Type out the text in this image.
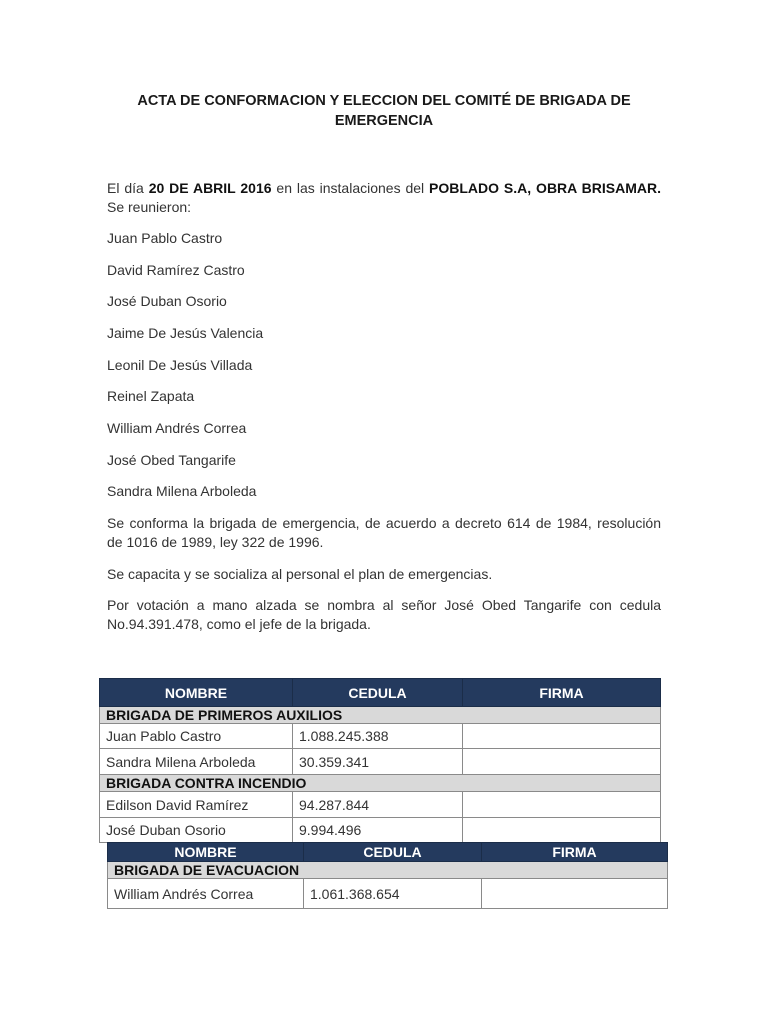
ACTA DE CONFORMACION Y ELECCION DEL COMITÉ DE BRIGADA DE
EMERGENCIA
El día 20 DE ABRIL 2016 en las instalaciones del POBLADO S.A, OBRA BRISAMAR. Se reunieron:
Juan Pablo Castro
David Ramírez Castro
José Duban Osorio
Jaime De Jesús Valencia
Leonil De Jesús Villada
Reinel Zapata
William Andrés Correa
José Obed Tangarife
Sandra Milena Arboleda
Se conforma la brigada de emergencia, de acuerdo a decreto 614 de 1984, resolución de 1016 de 1989, ley 322 de 1996.
Se capacita y se socializa al personal el plan de emergencias.
Por votación a mano alzada se nombra al señor José Obed Tangarife con cedula No.94.391.478, como el jefe de la brigada.
NOMBRE	CEDULA	FIRMA
BRIGADA DE PRIMEROS AUXILIOS		
Juan Pablo Castro	1.088.245.388	
Sandra Milena Arboleda	30.359.341	
BRIGADA CONTRA INCENDIO		
Edilson David Ramírez	94.287.844	
José Duban Osorio	9.994.496	
NOMBRE	CEDULA	FIRMA
BRIGADA DE EVACUACION		
William Andrés Correa	1.061.368.654	
